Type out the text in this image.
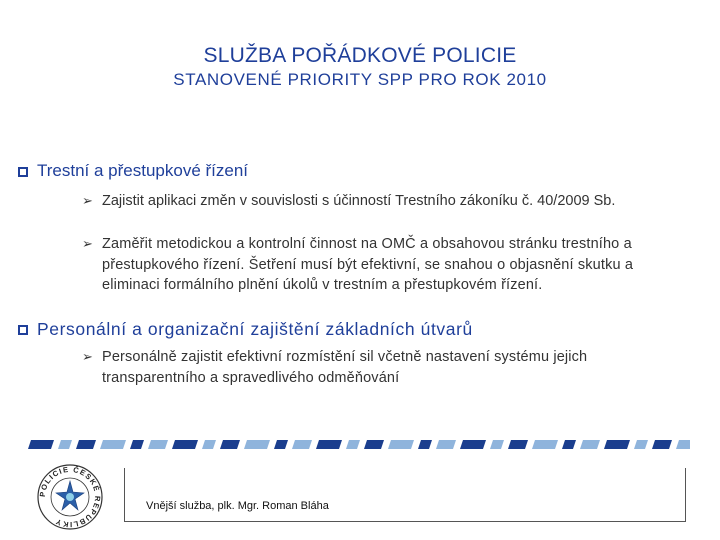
SLUŽBA POŘÁDKOVÉ POLICIE
STANOVENÉ PRIORITY SPP PRO ROK 2010
Trestní a přestupkové řízení
➢ Zajistit aplikaci změn v souvislosti s účinností Trestního zákoníku č. 40/2009 Sb.
➢ Zaměřit metodickou a kontrolní činnost na OMČ a obsahovou stránku trestního a přestupkového řízení. Šetření musí být efektivní, se snahou o objasnění skutku a eliminaci formálního plnění úkolů v trestním a přestupkovém řízení.
Personální a organizační zajištění základních útvarů
➢ Personálně zajistit efektivní rozmístění sil včetně nastavení systému jejich transparentního a spravedlivého odměňování
POLICIE ČESKÉ REPUBLIKY
Vnější služba, plk. Mgr. Roman Bláha
